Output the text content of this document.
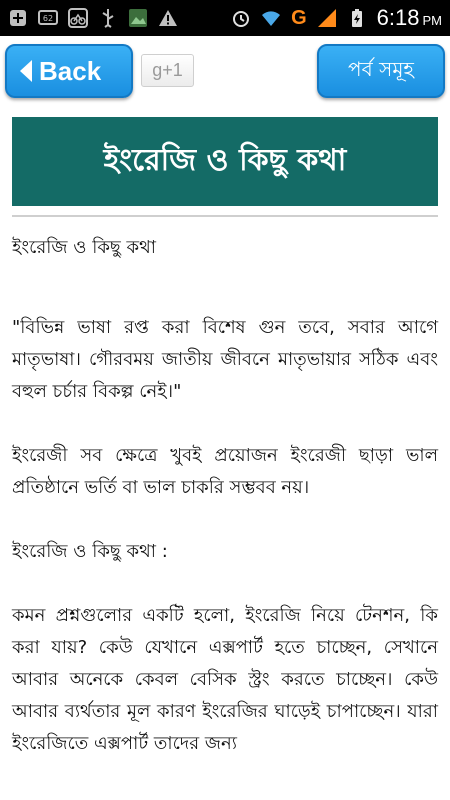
62	G	6:18 PM
Back	g+1	পর্ব সমূহ
ইংরেজি ও কিছু কথা

ইংরেজি ও কিছু কথা

"বিভিন্ন ভাষা রপ্ত করা বিশেষ গুন তবে, সবার আগে মাতৃভাষা। গৌরবময় জাতীয় জীবনে মাতৃভায়ার সঠিক এবং বহুল চর্চার বিকল্প নেই।"

ইংরেজী সব ক্ষেত্রে খুবই প্রয়োজন ইংরেজী ছাড়া ভাল প্রতিষ্ঠানে ভর্তি বা ভাল চাকরি সম্ভবব নয়।

ইংরেজি ও কিছু কথা :

কমন প্রশ্নগুলোর একটি হলো, ইংরেজি নিয়ে টেনশন, কি করা যায়? কেউ যেখানে এক্সপার্ট হতে চাচ্ছেন, সেখানে আবার অনেকে কেবল বেসিক স্ট্রং করতে চাচ্ছেন। কেউ আবার ব্যর্থতার মূল কারণ ইংরেজির ঘাড়েই চাপাচ্ছেন। যারা ইংরেজিতে এক্সপার্ট তাদের জন্য
